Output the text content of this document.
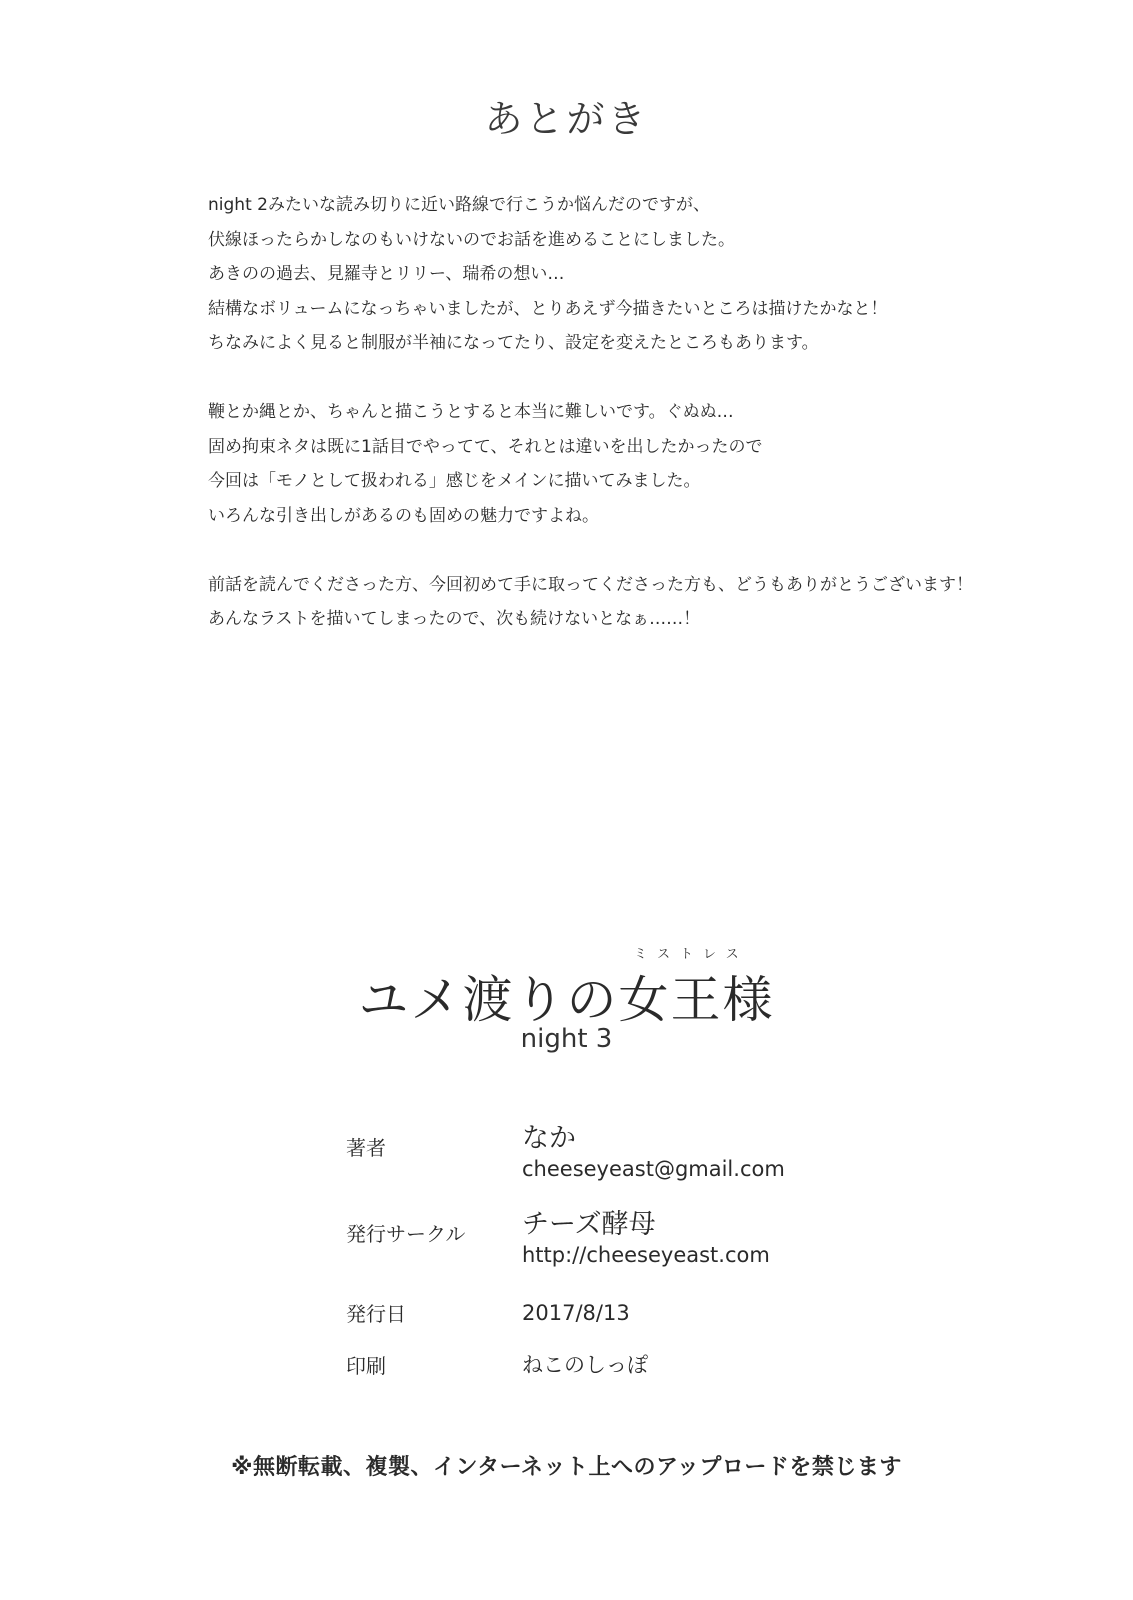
あとがき
night 2みたいな読み切りに近い路線で行こうか悩んだのですが、
伏線ほったらかしなのもいけないのでお話を進めることにしました。
あきのの過去、見羅寺とリリー、瑞希の想い…
結構なボリュームになっちゃいましたが、とりあえず今描きたいところは描けたかなと！
ちなみによく見ると制服が半袖になってたり、設定を変えたところもあります。
鞭とか縄とか、ちゃんと描こうとすると本当に難しいです。ぐぬぬ…
固め拘束ネタは既に1話目でやってて、それとは違いを出したかったので
今回は「モノとして扱われる」感じをメインに描いてみました。
いろんな引き出しがあるのも固めの魅力ですよね。
前話を読んでくださった方、今回初めて手に取ってくださった方も、どうもありがとうございます！
あんなラストを描いてしまったので、次も続けないとなぁ……！
ミストレス
ユメ渡りの女王様
night 3
著者	なか
cheeseyeast@gmail.com
発行サークル	チーズ酵母
http://cheeseyeast.com
発行日	2017/8/13
印刷	ねこのしっぽ
※無断転載、複製、インターネット上へのアップロードを禁じます
